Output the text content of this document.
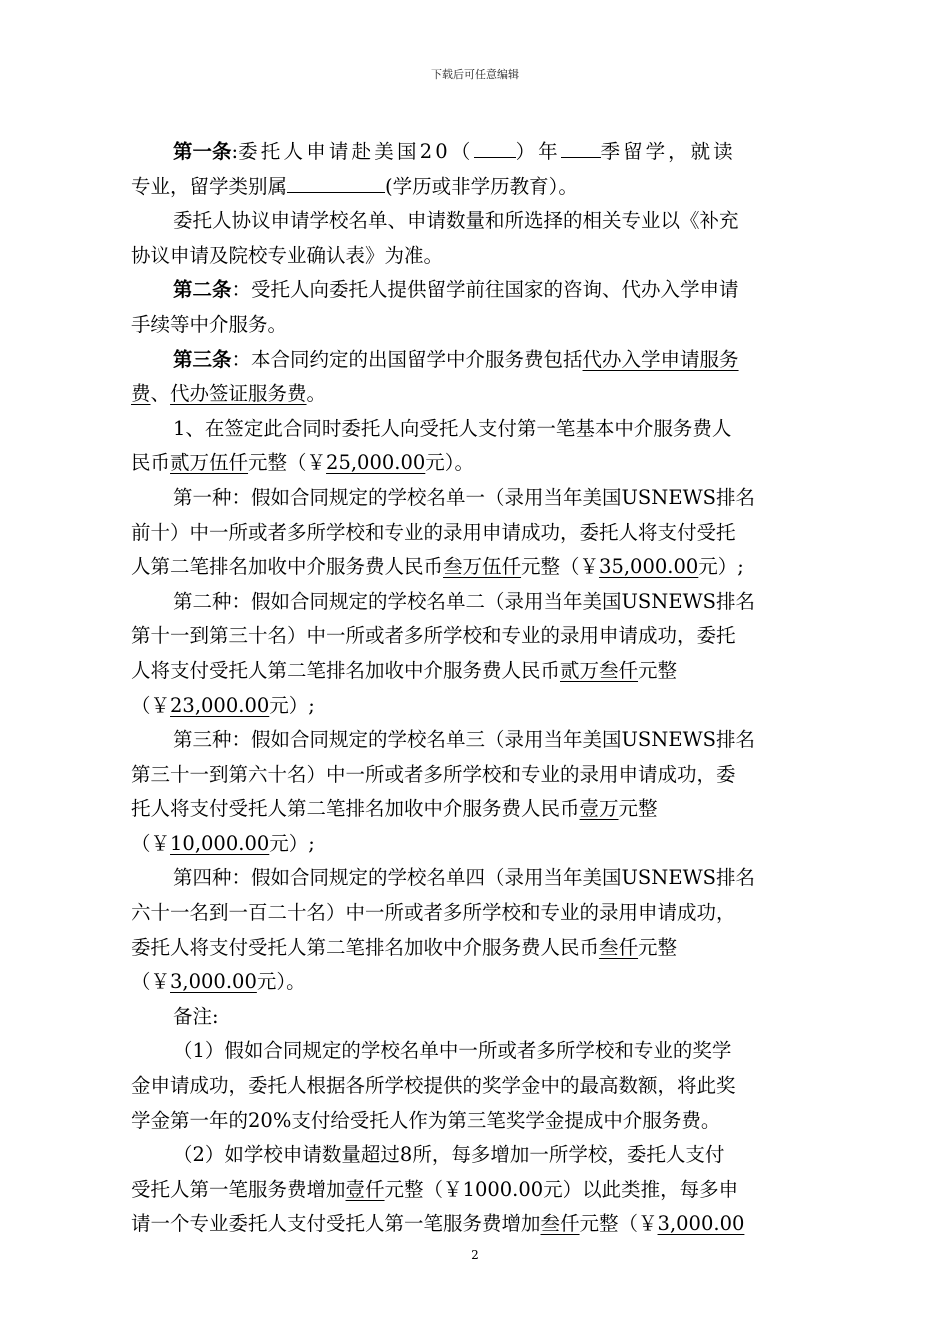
下载后可任意编辑
第一条:委托人申请赴美国20（ ）年 季留学，就读
专业，留学类别属	(学历或非学历教育）。
委托人协议申请学校名单、申请数量和所选择的相关专业以《补充
协议申请及院校专业确认表》为准。
第二条：受托人向委托人提供留学前往国家的咨询、代办入学申请
手续等中介服务。
第三条：本合同约定的出国留学中介服务费包括代办入学申请服务
费、代办签证服务费。
1、在签定此合同时委托人向受托人支付第一笔基本中介服务费人
民币贰万伍仟元整（￥25,000.00元）。
第一种：假如合同规定的学校名单一（录用当年美国USNEWS排名
前十）中一所或者多所学校和专业的录用申请成功，委托人将支付受托
人第二笔排名加收中介服务费人民币叁万伍仟元整（￥35,000.00元）;
第二种：假如合同规定的学校名单二（录用当年美国USNEWS排名
第十一到第三十名）中一所或者多所学校和专业的录用申请成功，委托
人将支付受托人第二笔排名加收中介服务费人民币贰万叁仟元整
（￥23,000.00元）;
第三种：假如合同规定的学校名单三（录用当年美国USNEWS排名
第三十一到第六十名）中一所或者多所学校和专业的录用申请成功，委
托人将支付受托人第二笔排名加收中介服务费人民币壹万元整
（￥10,000.00元）;
第四种：假如合同规定的学校名单四（录用当年美国USNEWS排名
六十一名到一百二十名）中一所或者多所学校和专业的录用申请成功，
委托人将支付受托人第二笔排名加收中介服务费人民币叁仟元整
（￥3,000.00元）。
备注:
（1）假如合同规定的学校名单中一所或者多所学校和专业的奖学
金申请成功，委托人根据各所学校提供的奖学金中的最高数额，将此奖
学金第一年的20%支付给受托人作为第三笔奖学金提成中介服务费。
（2）如学校申请数量超过8所，每多增加一所学校，委托人支付
受托人第一笔服务费增加壹仟元整（￥1000.00元）以此类推，每多申
请一个专业委托人支付受托人第一笔服务费增加叁仟元整（￥3,000.00
2
